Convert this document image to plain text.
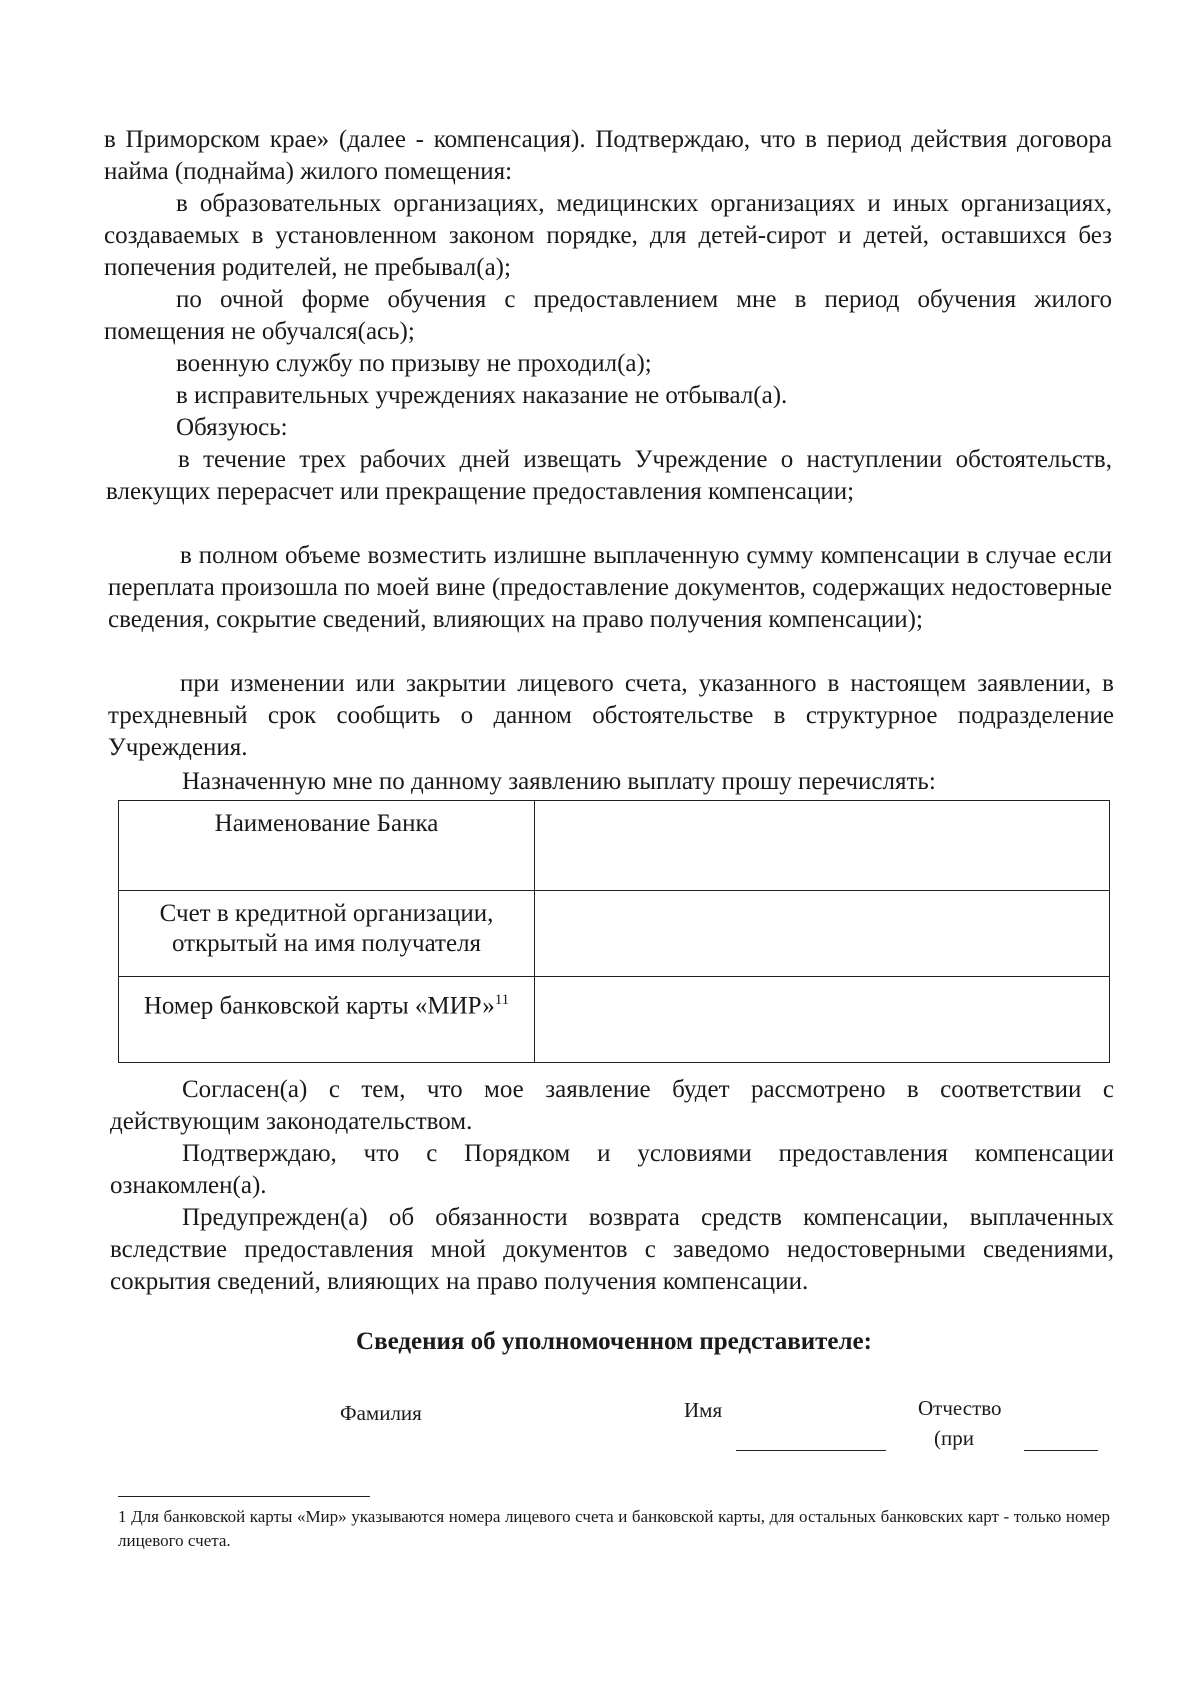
в Приморском крае» (далее - компенсация). Подтверждаю, что в период действия договора найма (поднайма) жилого помещения:

в образовательных организациях, медицинских организациях и иных организациях, создаваемых в установленном законом порядке, для детей-сирот и детей, оставшихся без попечения родителей, не пребывал(а);

по очной форме обучения с предоставлением мне в период обучения жилого помещения не обучался(ась);

военную службу по призыву не проходил(а);

в исправительных учреждениях наказание не отбывал(а).

Обязуюсь:

в течение трех рабочих дней извещать Учреждение о наступлении обстоятельств, влекущих перерасчет или прекращение предоставления компенсации;

в полном объеме возместить излишне выплаченную сумму компенсации в случае если переплата произошла по моей вине (предоставление документов, содержащих недостоверные сведения, сокрытие сведений, влияющих на право получения компенсации);

при изменении или закрытии лицевого счета, указанного в настоящем заявлении, в трехдневный срок сообщить о данном обстоятельстве в структурное подразделение Учреждения.

Назначенную мне по данному заявлению выплату прошу перечислять:

Наименование Банка	
Счет в кредитной организации, открытый на имя получателя	
Номер банковской карты «МИР»$^{11}$	

Согласен(а) с тем, что мое заявление будет рассмотрено в соответствии с действующим законодательством.

Подтверждаю, что с Порядком и условиями предоставления компенсации ознакомлен(а).

Предупрежден(а) об обязанности возврата средств компенсации, выплаченных вследствие предоставления мной документов с заведомо недостоверными сведениями, сокрытия сведений, влияющих на право получения компенсации.

Сведения об уполномоченном представителе:

Фамилия	Имя	Отчество

(при

1 Для банковской карты «Мир» указываются номера лицевого счета и банковской карты, для остальных банковских карт - только номер лицевого счета.
